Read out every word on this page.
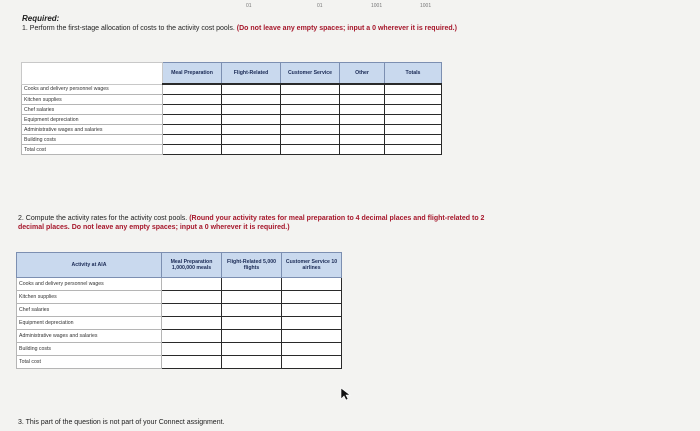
01	01	1001	1001
Required:
1. Perform the first-stage allocation of costs to the activity cost pools. (Do not leave any empty spaces; input a 0 wherever it is required.)
	Meal Preparation	Flight-Related	Customer Service	Other	Totals
Cooks and delivery personnel wages					
Kitchen supplies					
Chef salaries					
Equipment depreciation					
Administrative wages and salaries					
Building costs					
Total cost					
2. Compute the activity rates for the activity cost pools. (Round your activity rates for meal preparation to 4 decimal places and flight-related to 2 decimal places. Do not leave any empty spaces; input a 0 wherever it is required.)
Activity at AIA	Meal Preparation 1,000,000 meals	Flight-Related 5,000 flights	Customer Service 10 airlines
Cooks and delivery personnel wages			
Kitchen supplies			
Chef salaries			
Equipment depreciation			
Administrative wages and salaries			
Building costs			
Total cost			
3. This part of the question is not part of your Connect assignment.
